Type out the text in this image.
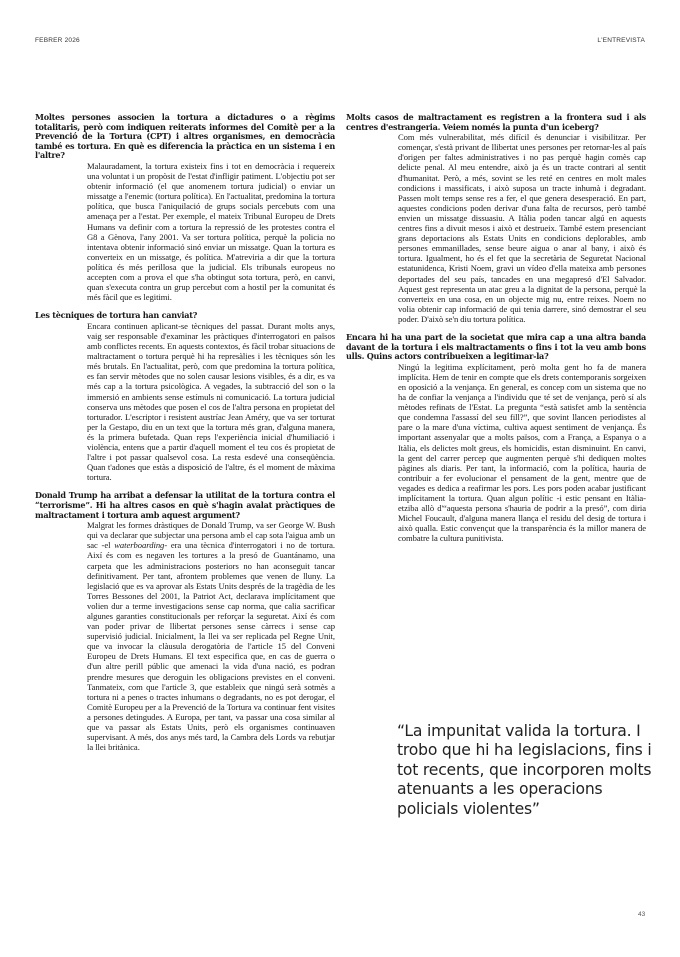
FEBRER 2026	L'ENTREVISTA

Moltes persones associen la tortura a dictadures o a règims totalitaris, però com indiquen reiterats informes del Comitè per a la Prevenció de la Tortura (CPT) i altres organismes, en democràcia també es tortura. En què es diferencia la pràctica en un sistema i en l'altre?

Malauradament, la tortura existeix fins i tot en democràcia i requereix una voluntat i un propòsit de l'estat d'infligir patiment. L'objectiu pot ser obtenir informació (el que anomenem tortura judicial) o enviar un missatge a l'enemic (tortura política). En l'actualitat, predomina la tortura política, que busca l'aniquilació de grups socials percebuts com una amenaça per a l'estat. Per exemple, el mateix Tribunal Europeu de Drets Humans va definir com a tortura la repressió de les protestes contra el G8 a Gènova, l'any 2001. Va ser tortura política, perquè la policia no intentava obtenir informació sinó enviar un missatge. Quan la tortura es converteix en un missatge, és política. M'atreviria a dir que la tortura política és més perillosa que la judicial. Els tribunals europeus no accepten com a prova el que s'ha obtingut sota tortura, però, en canvi, quan s'executa contra un grup percebut com a hostil per la comunitat és més fàcil que es legitimi.

Les tècniques de tortura han canviat?

Encara continuen aplicant-se tècniques del passat. Durant molts anys, vaig ser responsable d'examinar les pràctiques d'interrogatori en països amb conflictes recents. En aquests contextos, és fàcil trobar situacions de maltractament o tortura perquè hi ha represàlies i les tècniques són les més brutals. En l'actualitat, però, com que predomina la tortura política, es fan servir mètodes que no solen causar lesions visibles, és a dir, es va més cap a la tortura psicològica. A vegades, la subtracció del son o la immersió en ambients sense estímuls ni comunicació. La tortura judicial conserva uns mètodes que posen el cos de l'altra persona en propietat del torturador. L'escriptor i resistent austríac Jean Améry, que va ser torturat per la Gestapo, diu en un text que la tortura més gran, d'alguna manera, és la primera bufetada. Quan reps l'experiència inicial d'humiliació i violència, entens que a partir d'aquell moment el teu cos és propietat de l'altre i pot passar qualsevol cosa. La resta esdevé una conseqüència. Quan t'adones que estàs a disposició de l'altre, és el moment de màxima tortura.

Donald Trump ha arribat a defensar la utilitat de la tortura contra el “terrorisme”. Hi ha altres casos en què s'hagin avalat pràctiques de maltractament i tortura amb aquest argument?

Malgrat les formes dràstiques de Donald Trump, va ser George W. Bush qui va declarar que subjectar una persona amb el cap sota l'aigua amb un sac -el waterboarding- era una tècnica d'interrogatori i no de tortura. Així és com es negaven les tortures a la presó de Guantánamo, una carpeta que les administracions posteriors no han aconseguit tancar definitivament. Per tant, afrontem problemes que venen de lluny. La legislació que es va aprovar als Estats Units després de la tragèdia de les Torres Bessones del 2001, la Patriot Act, declarava implícitament que volien dur a terme investigacions sense cap norma, que calia sacrificar algunes garanties constitucionals per reforçar la seguretat. Així és com van poder privar de llibertat persones sense càrrecs i sense cap supervisió judicial. Inicialment, la llei va ser replicada pel Regne Unit, que va invocar la clàusula derogatòria de l'article 15 del Conveni Europeu de Drets Humans. El text especifica que, en cas de guerra o d'un altre perill públic que amenaci la vida d'una nació, es podran prendre mesures que deroguin les obligacions previstes en el conveni. Tanmateix, com que l'article 3, que estableix que ningú serà sotmès a tortura ni a penes o tractes inhumans o degradants, no es pot derogar, el Comitè Europeu per a la Prevenció de la Tortura va continuar fent visites a persones detingudes. A Europa, per tant, va passar una cosa similar al que va passar als Estats Units, però els organismes continuaven supervisant. A més, dos anys més tard, la Cambra dels Lords va rebutjar la llei britànica.

Molts casos de maltractament es registren a la frontera sud i als centres d'estrangeria. Veiem només la punta d'un iceberg?

Com més vulnerabilitat, més difícil és denunciar i visibilitzar. Per començar, s'està privant de llibertat unes persones per retornar-les al país d'origen per faltes administratives i no pas perquè hagin comès cap delicte penal. Al meu entendre, això ja és un tracte contrari al sentit d'humanitat. Però, a més, sovint se les reté en centres en molt males condicions i massificats, i això suposa un tracte inhumà i degradant. Passen molt temps sense res a fer, el que genera desesperació. En part, aquestes condicions poden derivar d'una falta de recursos, però també envien un missatge dissuasiu. A Itàlia poden tancar algú en aquests centres fins a divuit mesos i això et destrueix. També estem presenciant grans deportacions als Estats Units en condicions deplorables, amb persones emmanillades, sense beure aigua o anar al bany, i això és tortura. Igualment, ho és el fet que la secretària de Seguretat Nacional estatunidenca, Kristi Noem, gravi un vídeo d'ella mateixa amb persones deportades del seu país, tancades en una megapresó d'El Salvador. Aquest gest representa un atac greu a la dignitat de la persona, perquè la converteix en una cosa, en un objecte mig nu, entre reixes. Noem no volia obtenir cap informació de qui tenia darrere, sinó demostrar el seu poder. D'això se'n diu tortura política.

Encara hi ha una part de la societat que mira cap a una altra banda davant de la tortura i els maltractaments o fins i tot la veu amb bons ulls. Quins actors contribueixen a legitimar-la?

Ningú la legitima explícitament, però molta gent ho fa de manera implícita. Hem de tenir en compte que els drets contemporanis sorgeixen en oposició a la venjança. En general, es concep com un sistema que no ha de confiar la venjança a l'individu que té set de venjança, però sí als mètodes refinats de l'Estat. La pregunta “està satisfet amb la sentència que condemna l'assassí del seu fill?”, que sovint llancen periodistes al pare o la mare d'una víctima, cultiva aquest sentiment de venjança. És important assenyalar que a molts països, com a França, a Espanya o a Itàlia, els delictes molt greus, els homicidis, estan disminuint. En canvi, la gent del carrer percep que augmenten perquè s'hi dediquen moltes pàgines als diaris. Per tant, la informació, com la política, hauria de contribuir a fer evolucionar el pensament de la gent, mentre que de vegades es dedica a reafirmar les pors. Les pors poden acabar justificant implícitament la tortura. Quan algun polític -i estic pensant en Itàlia- etziba allò d'“aquesta persona s'hauria de podrir a la presó”, com diria Michel Foucault, d'alguna manera llança el residu del desig de tortura i això qualla. Estic convençut que la transparència és la millor manera de combatre la cultura punitivista.

“La impunitat valida la tortura. I trobo que hi ha legislacions, fins i tot recents, que incorporen molts atenuants a les operacions policials violentes”
43
